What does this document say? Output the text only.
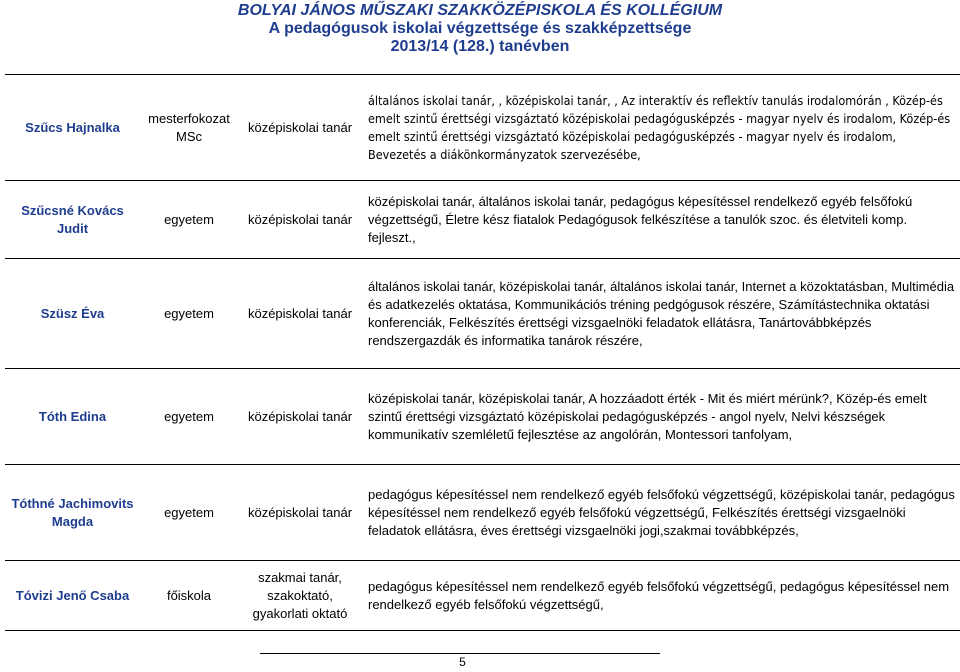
BOLYAI JÁNOS MŰSZAKI SZAKKÖZÉPISKOLA ÉS KOLLÉGIUM
A pedagógusok iskolai végzettsége és szakképzettsége
2013/14 (128.) tanévben
Szűcs Hajnalka	mesterfokozat MSc	középiskolai tanár	általános iskolai tanár, , középiskolai tanár, , Az interaktív és reflektív tanulás irodalomórán , Közép-és emelt szintű érettségi vizsgáztató középiskolai pedagógusképzés - magyar nyelv és irodalom, Közép-és emelt szintű érettségi vizsgáztató középiskolai pedagógusképzés - magyar nyelv és irodalom, Bevezetés a diákönkormányzatok szervezésébe,
Szűcsné Kovács Judit	egyetem	középiskolai tanár	középiskolai tanár, általános iskolai tanár, pedagógus képesítéssel rendelkező egyéb felsőfokú végzettségű, Életre kész fiatalok Pedagógusok felkészítése a tanulók szoc. és életviteli komp. fejleszt.,
Szüsz Éva	egyetem	középiskolai tanár	általános iskolai tanár, középiskolai tanár, általános iskolai tanár, Internet a közoktatásban, Multimédia és adatkezelés oktatása, Kommunikációs tréning pedgógusok részére, Számítástechnika oktatási konferenciák, Felkészítés érettségi vizsgaelnöki feladatok ellátásra, Tanártovábbképzés rendszergazdák és informatika tanárok részére,
Tóth Edina	egyetem	középiskolai tanár	középiskolai tanár, középiskolai tanár, A hozzáadott érték - Mit és miért mérünk?, Közép-és emelt szintű érettségi vizsgáztató középiskolai pedagógusképzés - angol nyelv, Nelvi készségek kommunikatív szemléletű fejlesztése az angolórán, Montessori tanfolyam,
Tóthné Jachimovits Magda	egyetem	középiskolai tanár	pedagógus képesítéssel nem rendelkező egyéb felsőfokú végzettségű, középiskolai tanár, pedagógus képesítéssel nem rendelkező egyéb felsőfokú végzettségű, Felkészítés érettségi vizsgaelnöki feladatok ellátásra, éves érettségi vizsgaelnöki jogi,szakmai továbbképzés,
Tóvizi Jenő Csaba	főiskola	szakmai tanár, szakoktató, gyakorlati oktató	pedagógus képesítéssel nem rendelkező egyéb felsőfokú végzettségű, pedagógus képesítéssel nem rendelkező egyéb felsőfokú végzettségű,
5
